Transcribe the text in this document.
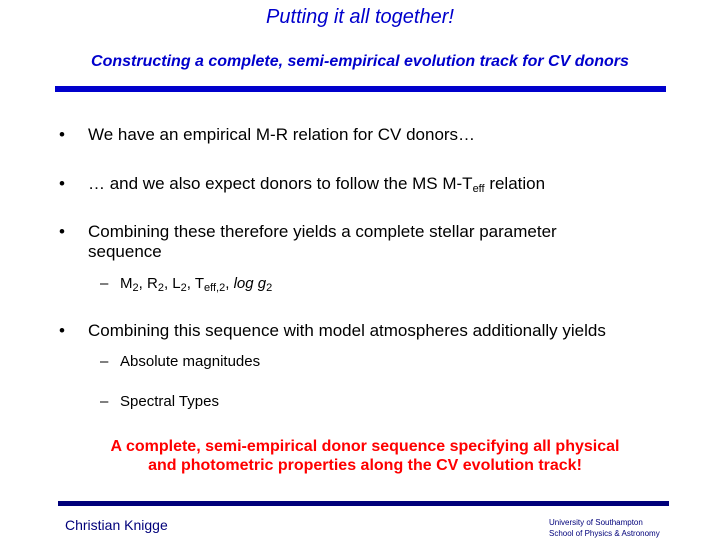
Putting it all together!
Constructing a complete, semi-empirical evolution track for CV donors
• We have an empirical M-R relation for CV donors…
• … and we also expect donors to follow the MS $M-T_{eff}$ relation
• Combining these therefore yields a complete stellar parameter
sequence
– $M_2$, $R_2$, $L_2$, $T_{eff,2}$, $\log g_2$
• Combining this sequence with model atmospheres additionally yields
– Absolute magnitudes
– Spectral Types
A complete, semi-empirical donor sequence specifying all physical
and photometric properties along the CV evolution track!
Christian Knigge	University of Southampton
School of Physics & Astronomy
